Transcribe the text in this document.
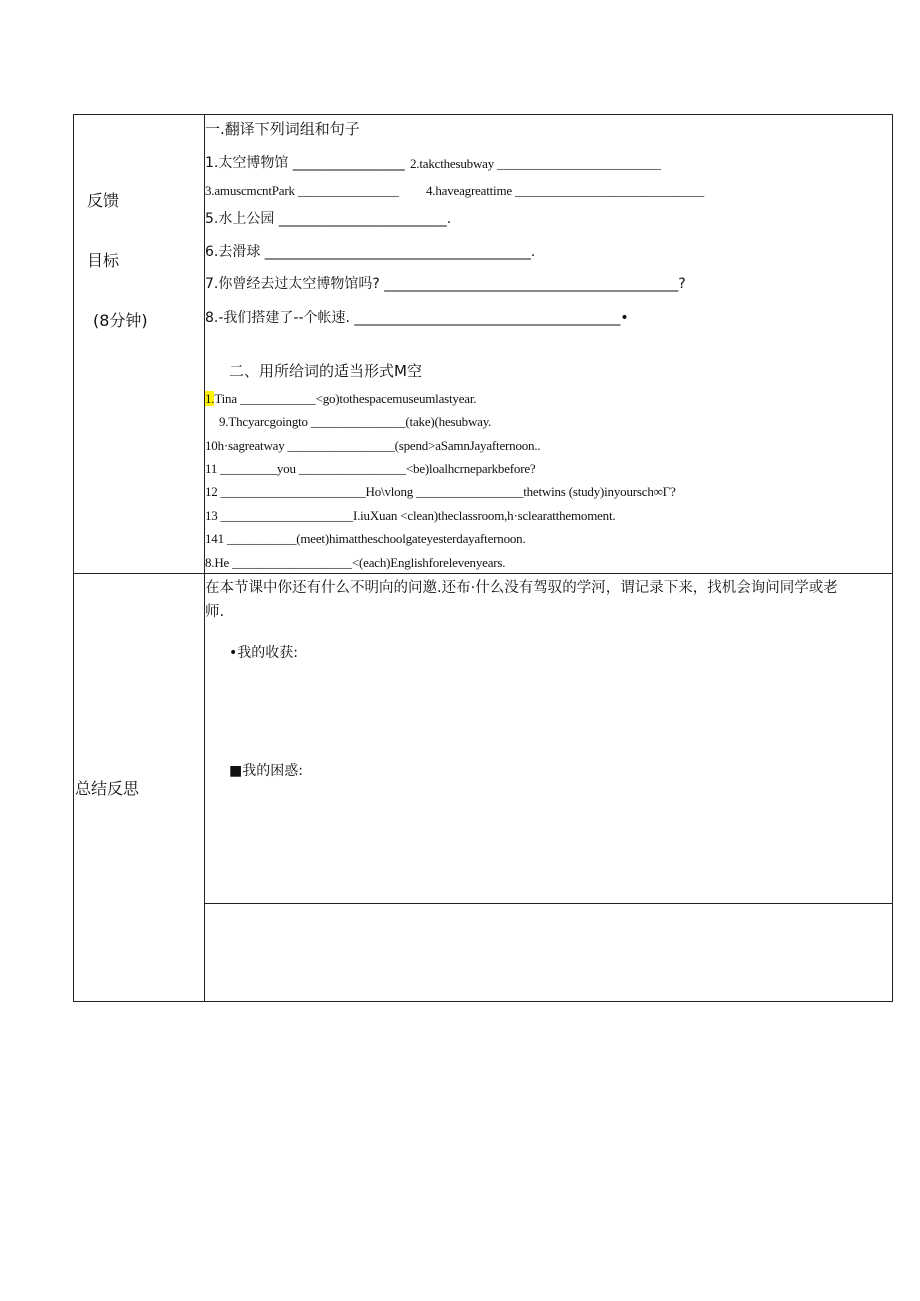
反馈
目标
(8分钟)
总结反思
一.翻译下列词组和句子
1.太空博物馆 ________________ 2.takcthesubway __________________________
3.amuscmcntPark ________________ 4.haveagreattime ______________________________
5.水上公园 ________________________.
6.去滑球 ______________________________________.
7.你曾经去过太空博物馆吗? __________________________________________?
8.-我们搭建了--个帐速. ______________________________________•
二、用所给词的适当形式M空
1.Tina ____________<go)tothespacemuseumlastyear.
9.Thcyarcgoingto _______________(take)(hesubway.
10h·sagreatway _________________(spend>aSamnJayafternoon..
11 _________you _________________<be)loalhcrneparkbefore?
12 _______________________Ho\vlong _________________thetwins (study)inyoursch∞Γ?
13 _____________________I.iuXuan <clean)theclassroom,h·sclearatthemoment.
141 ___________(meet)himattheschoolgateyesterdayafternoon.
8.He ___________________<(each)Englishforelevenyears.
在本节课中你还有什么不明向的问邀.还布·什么没有驾驭的学河，谓记录下来，找机会询问同学或老
师.
•我的收获:
■我的困惑:
